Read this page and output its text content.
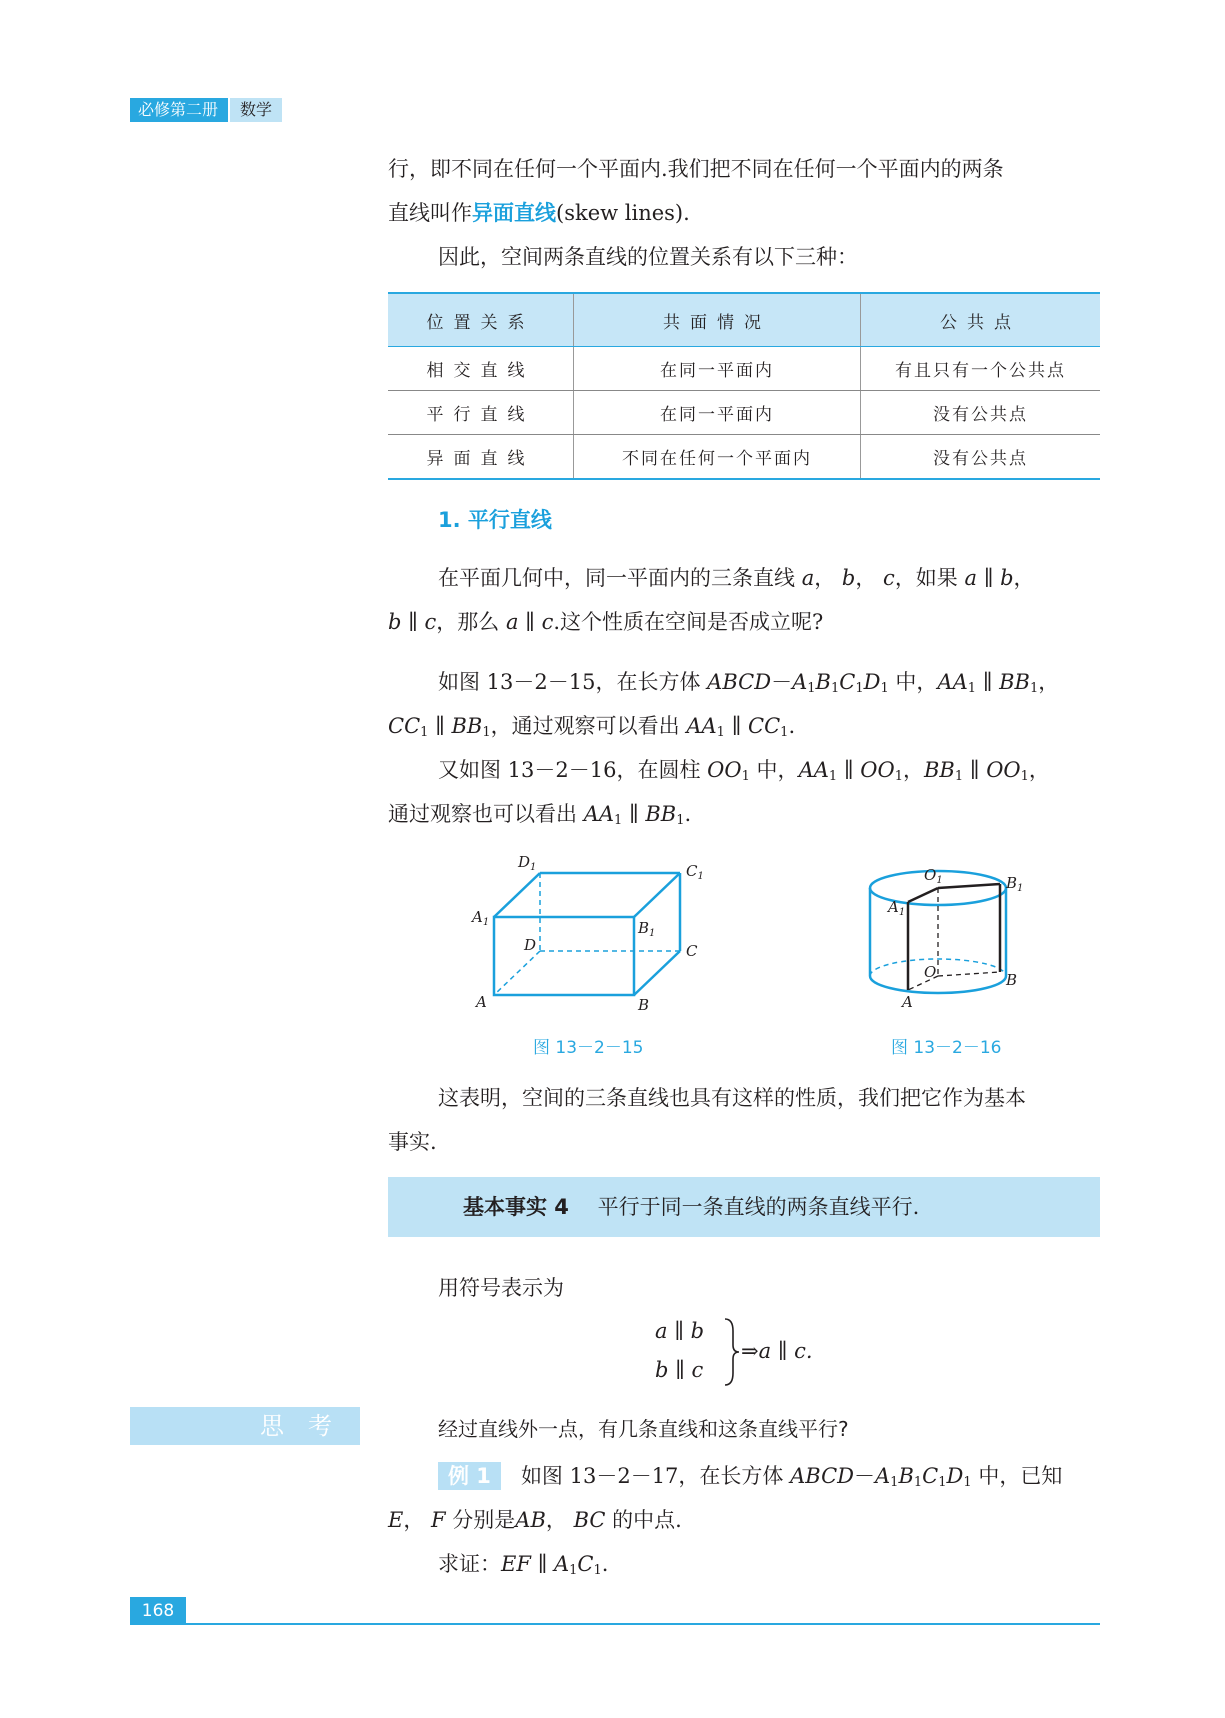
必修第二册	数学
行，即不同在任何一个平面内.我们把不同在任何一个平面内的两条
直线叫作异面直线(skew lines).
因此，空间两条直线的位置关系有以下三种：
位置关系	共面情况	公共点
相交直线	在同一平面内	有且只有一个公共点
平行直线	在同一平面内	没有公共点
异面直线	不同在任何一个平面内	没有公共点
1. 平行直线
在平面几何中，同一平面内的三条直线 a， b， c，如果 a ∥ b，
b ∥ c，那么 a ∥ c.这个性质在空间是否成立呢?
如图 13－2－15，在长方体 $ABCD-A_1B_1C_1D_1$ 中，$AA_1$ ∥ $BB_1$，
$CC_1$ ∥ $BB_1$，通过观察可以看出 $AA_1$ ∥ $CC_1$.
又如图 13－2－16，在圆柱 $OO_1$ 中，$AA_1$ ∥ $OO_1$，$BB_1$ ∥ $OO_1$，
通过观察也可以看出 $AA_1$ ∥ $BB_1$.
A	B
C
D
$A_1$	$B_1$
$C_1$
$D_1$
图 13－2－15
A
B
O
$A_1$
$B_1$
$O_1$
图 13－2－16
这表明，空间的三条直线也具有这样的性质，我们把它作为基本
事实.
基本事实 4 平行于同一条直线的两条直线平行.
用符号表示为
a ∥ b
b ∥ c
⇒a ∥ c.
思　考	经过直线外一点，有几条直线和这条直线平行?
例 1 如图 13－2－17，在长方体 $ABCD-A_1B_1C_1D_1$ 中，已知
E， F 分别是AB， BC 的中点.
求证：EF ∥ $A_1C_1$.
168
